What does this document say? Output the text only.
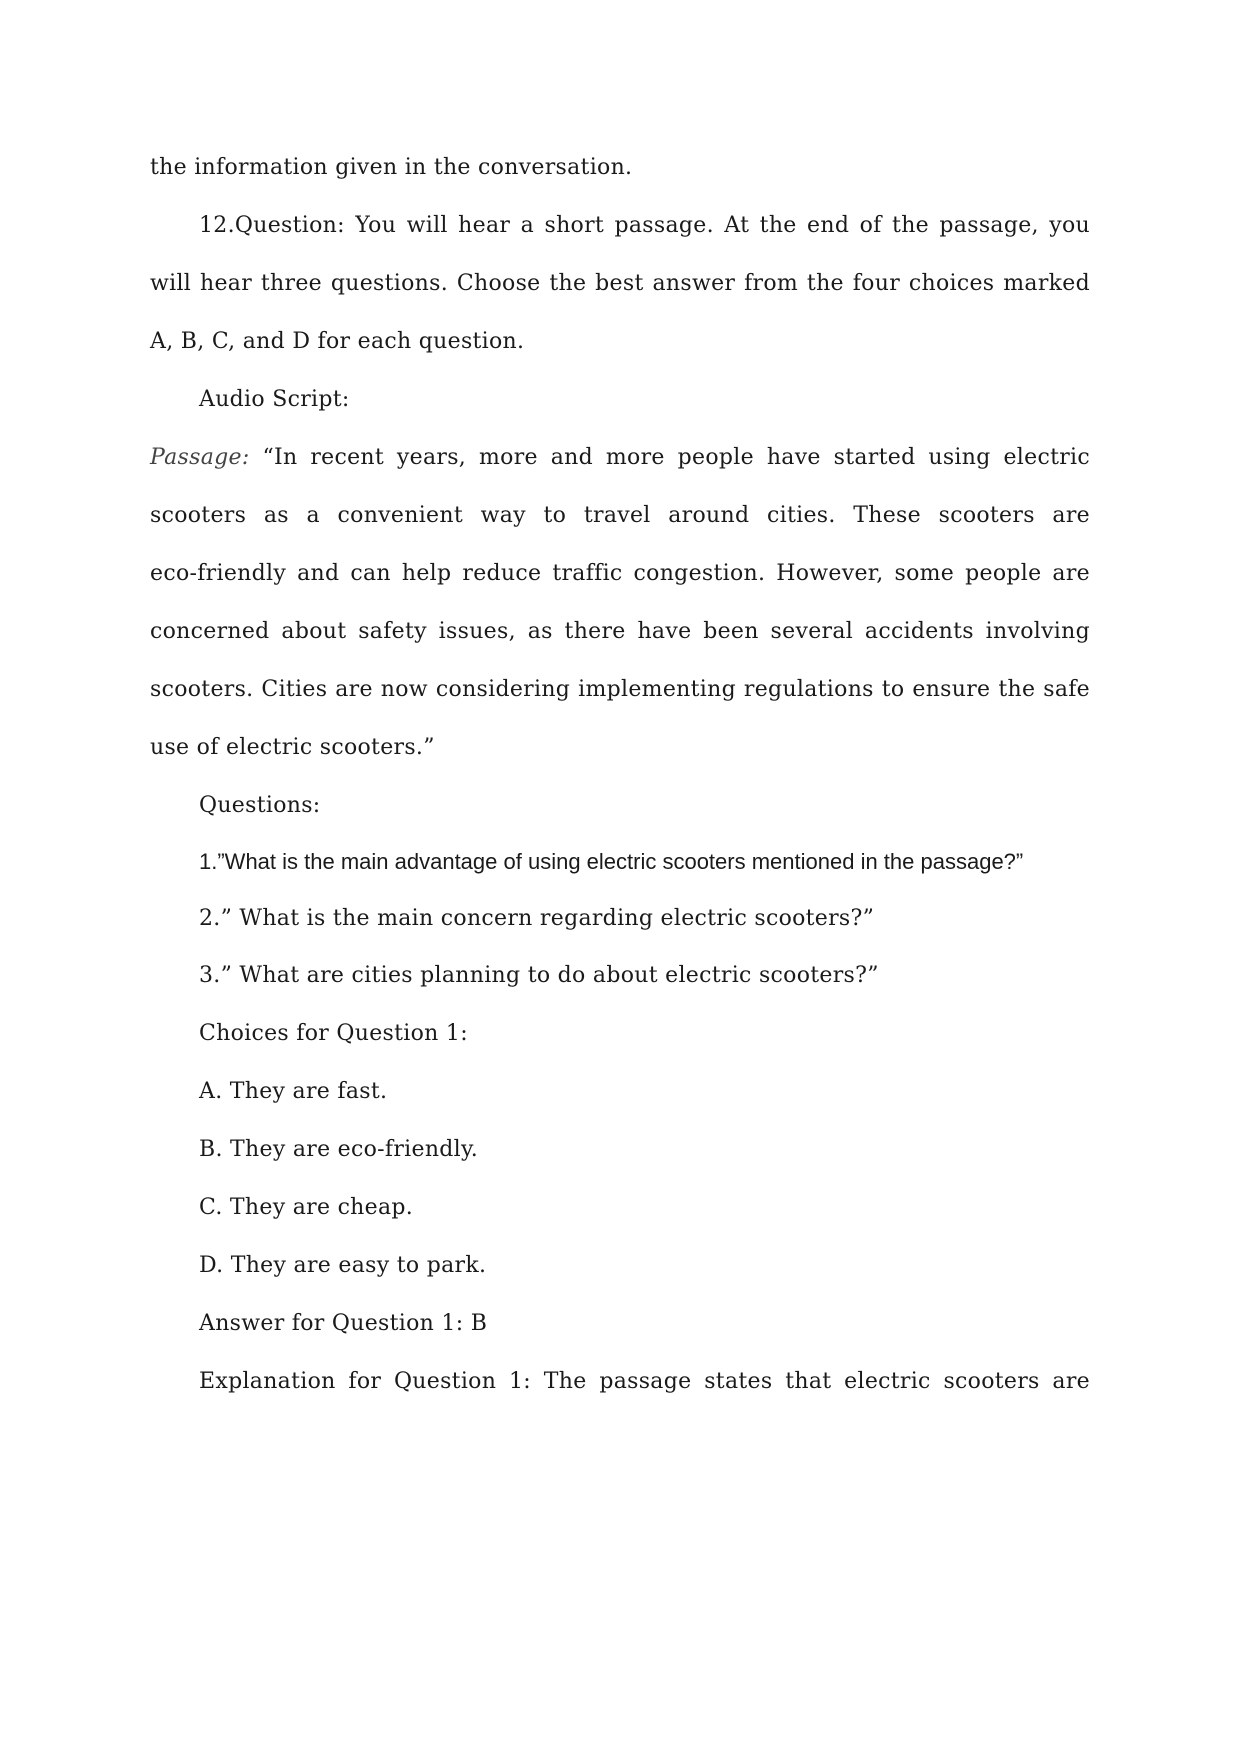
the information given in the conversation.

12.Question: You will hear a short passage. At the end of the passage, you

will hear three questions. Choose the best answer from the four choices marked

A, B, C, and D for each question.

Audio Script:

Passage: “In recent years, more and more people have started using electric

scooters as a convenient way to travel around cities. These scooters are

eco-friendly and can help reduce traffic congestion. However, some people are

concerned about safety issues, as there have been several accidents involving

scooters. Cities are now considering implementing regulations to ensure the safe

use of electric scooters.”

Questions:

1.”What is the main advantage of using electric scooters mentioned in the passage?”

2.” What is the main concern regarding electric scooters?”

3.” What are cities planning to do about electric scooters?”

Choices for Question 1:

A. They are fast.

B. They are eco-friendly.

C. They are cheap.

D. They are easy to park.

Answer for Question 1: B

Explanation for Question 1: The passage states that electric scooters are
